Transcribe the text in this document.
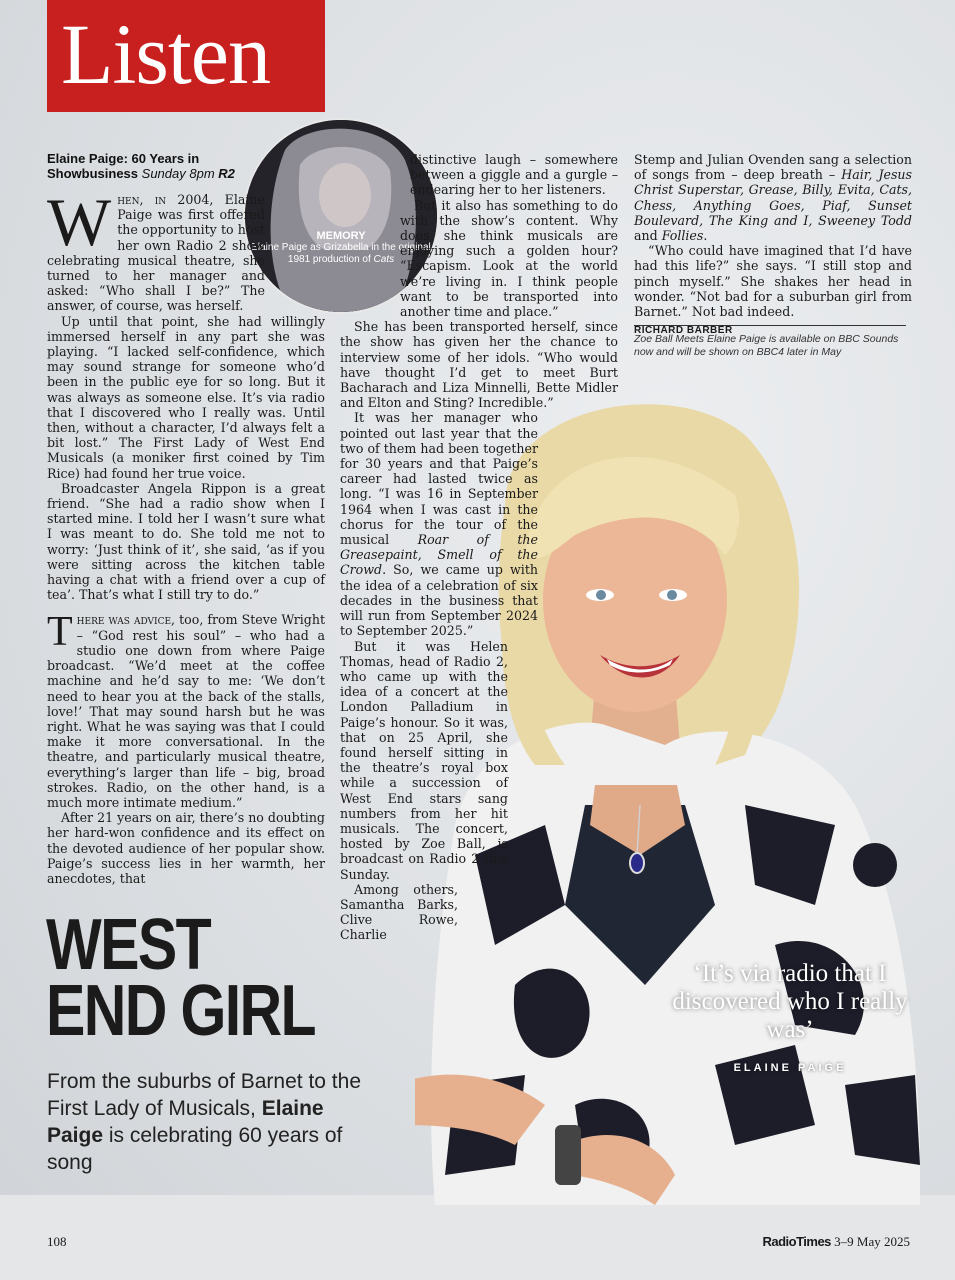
Listen
Elaine Paige: 60 Years in
Showbusiness Sunday 8pm R2
MEMORY
Elaine Paige as Grizabella in the original 1981 production of Cats

W hen, in 2004, Elaine Paige was first offered the opportunity to host her own Radio 2 show celebrating musical theatre, she turned to her manager and asked: “Who shall I be?” The answer, of course, was herself.

Up until that point, she had willingly immersed herself in any part she was playing. “I lacked self-confidence, which may sound strange for someone who’d been in the public eye for so long. But it was always as someone else. It’s via radio that I discovered who I really was. Until then, without a character, I’d always felt a bit lost.” The First Lady of West End Musicals (a moniker first coined by Tim Rice) had found her true voice.

Broadcaster Angela Rippon is a great friend. “She had a radio show when I started mine. I told her I wasn’t sure what I was meant to do. She told me not to worry: ‘Just think of it’, she said, ‘as if you were sitting across the kitchen table having a chat with a friend over a cup of tea’. That’s what I still try to do.”

T here was advice, too, from Steve Wright – “God rest his soul” – who had a studio one down from where Paige broadcast. “We’d meet at the coffee machine and he’d say to me: ‘We don’t need to hear you at the back of the stalls, love!’ That may sound harsh but he was right. What he was saying was that I could make it more conversational. In the theatre, and particularly musical theatre, everything’s larger than life – big, broad strokes. Radio, on the other hand, is a much more intimate medium.”

After 21 years on air, there’s no doubting her hard-won confidence and its effect on the devoted audience of her popular show. Paige’s success lies in her warmth, her anecdotes, that

distinctive laugh – somewhere between a giggle and a gurgle – endearing her to her listeners.

But it also has something to do with the show’s content. Why does she think musicals are enjoying such a golden hour? “Escapism. Look at the world we’re living in. I think people want to be transported into another time and place.”

She has been transported herself, since the show has given her the chance to interview some of her idols. “Who would have thought I’d get to meet Burt Bacharach and Liza Minnelli, Bette Midler and Elton and Sting? Incredible.”

It was her manager who pointed out last year that the two of them had been together for 30 years and that Paige’s career had lasted twice as long. “I was 16 in September 1964 when I was cast in the chorus for the tour of the musical Roar of the Greasepaint, Smell of the Crowd. So, we came up with the idea of a celebration of six decades in the business that will run from September 2024 to September 2025.”

But it was Helen Thomas, head of Radio 2, who came up with the idea of a concert at the London Palladium in Paige’s honour. So it was, that on 25 April, she found herself sitting in the theatre’s royal box while a succession of West End stars sang numbers from her hit musicals. The concert, hosted by Zoe Ball, is broadcast on Radio 2 this Sunday.

Among others, Samantha Barks, Clive Rowe, Charlie

Stemp and Julian Ovenden sang a selection of songs from – deep breath – Hair, Jesus Christ Superstar, Grease, Billy, Evita, Cats, Chess, Anything Goes, Piaf, Sunset Boulevard, The King and I, Sweeney Todd and Follies.

“Who could have imagined that I’d have had this life?” she says. “I still stop and pinch myself.” She shakes her head in wonder. “Not bad for a suburban girl from Barnet.” Not bad indeed.

RICHARD BARBER
Zoe Ball Meets Elaine Paige is available on BBC Sounds now and will be shown on BBC4 later in May
WEST
END GIRL
From the suburbs of Barnet to the First Lady of Musicals, Elaine Paige is celebrating 60 years of song
‘It’s via radio that I discovered who I really was’
ELAINE PAIGE
108	RadioTimes 3–9 May 2025
